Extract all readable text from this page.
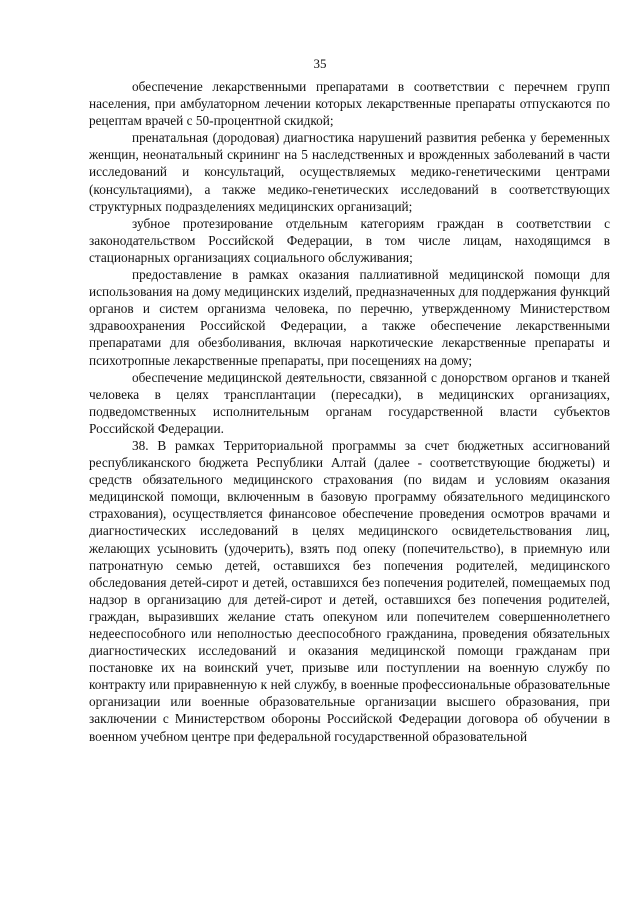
35

обеспечение лекарственными препаратами в соответствии с перечнем групп населения, при амбулаторном лечении которых лекарственные препараты отпускаются по рецептам врачей с 50-процентной скидкой;

пренатальная (дородовая) диагностика нарушений развития ребенка у беременных женщин, неонатальный скрининг на 5 наследственных и врожденных заболеваний в части исследований и консультаций, осуществляемых медико-генетическими центрами (консультациями), а также медико-генетических исследований в соответствующих структурных подразделениях медицинских организаций;

зубное протезирование отдельным категориям граждан в соответствии с законодательством Российской Федерации, в том числе лицам, находящимся в стационарных организациях социального обслуживания;

предоставление в рамках оказания паллиативной медицинской помощи для использования на дому медицинских изделий, предназначенных для поддержания функций органов и систем организма человека, по перечню, утвержденному Министерством здравоохранения Российской Федерации, а также обеспечение лекарственными препаратами для обезболивания, включая наркотические лекарственные препараты и психотропные лекарственные препараты, при посещениях на дому;

обеспечение медицинской деятельности, связанной с донорством органов и тканей человека в целях трансплантации (пересадки), в медицинских организациях, подведомственных исполнительным органам государственной власти субъектов Российской Федерации.

38. В рамках Территориальной программы за счет бюджетных ассигнований республиканского бюджета Республики Алтай (далее - соответствующие бюджеты) и средств обязательного медицинского страхования (по видам и условиям оказания медицинской помощи, включенным в базовую программу обязательного медицинского страхования), осуществляется финансовое обеспечение проведения осмотров врачами и диагностических исследований в целях медицинского освидетельствования лиц, желающих усыновить (удочерить), взять под опеку (попечительство), в приемную или патронатную семью детей, оставшихся без попечения родителей, медицинского обследования детей-сирот и детей, оставшихся без попечения родителей, помещаемых под надзор в организацию для детей-сирот и детей, оставшихся без попечения родителей, граждан, выразивших желание стать опекуном или попечителем совершеннолетнего недееспособного или неполностью дееспособного гражданина, проведения обязательных диагностических исследований и оказания медицинской помощи гражданам при постановке их на воинский учет, призыве или поступлении на военную службу по контракту или приравненную к ней службу, в военные профессиональные образовательные организации или военные образовательные организации высшего образования, при заключении с Министерством обороны Российской Федерации договора об обучении в военном учебном центре при федеральной государственной образовательной
